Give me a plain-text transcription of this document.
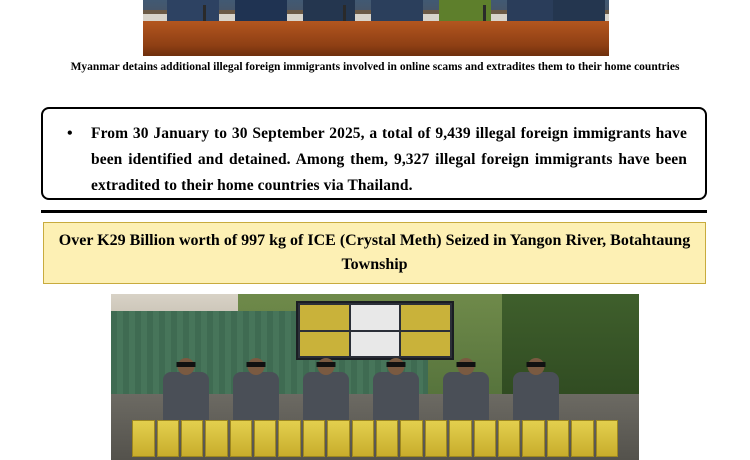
Myanmar detains additional illegal foreign immigrants involved in online scams and extradites them to their home countries
• From 30 January to 30 September 2025, a total of 9,439 illegal foreign immigrants have been identified and detained. Among them, 9,327 illegal foreign immigrants have been extradited to their home countries via Thailand.
Over K29 Billion worth of 997 kg of ICE (Crystal Meth) Seized in Yangon River, Botahtaung Township
